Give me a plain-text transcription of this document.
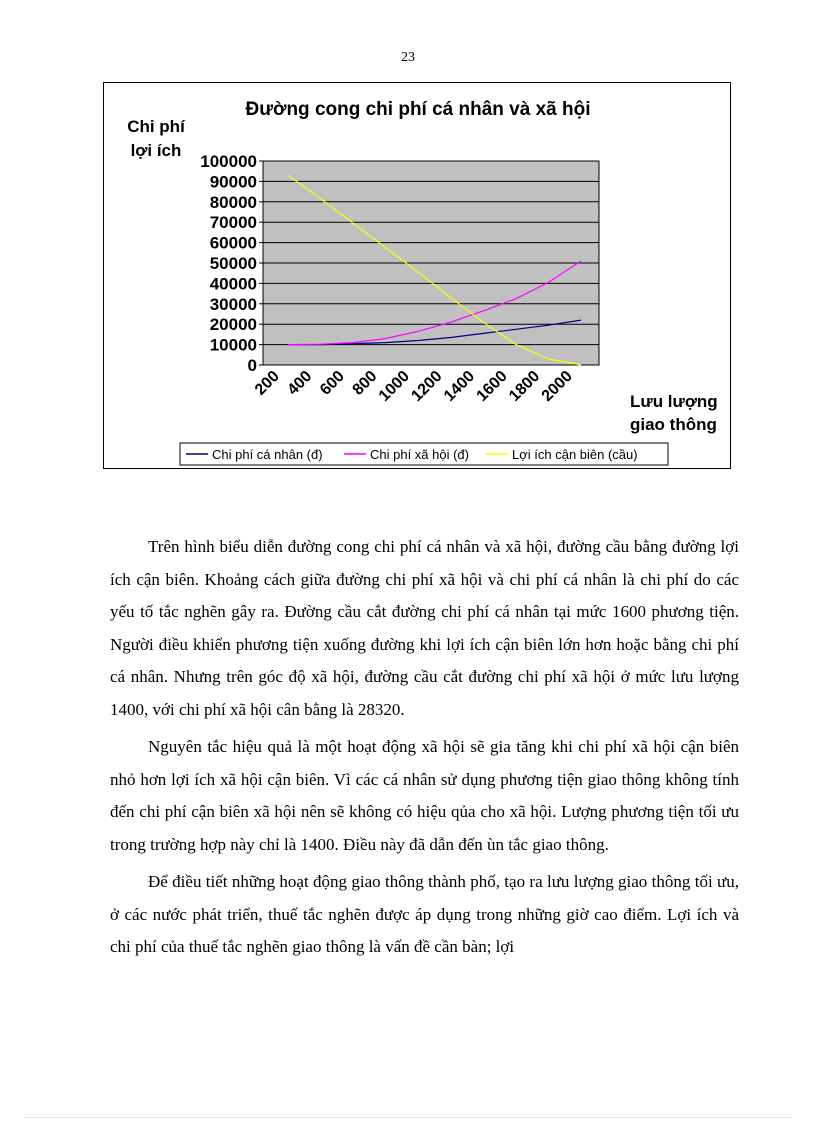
23
Đường cong chi phí cá nhân và xã hội
Chi phí
lợi ích
0
10000
20000
30000
40000
50000
60000
70000
80000
90000
100000
200 400 600 800
1000
1200
1400
1600
1800
2000	Lưu lượng
giao thông
Chi phí cá nhân (đ)	Chi phí xã hội (đ)	Lợi ích cận biên (cầu)

Trên hình biểu diễn đường cong chi phí cá nhân và xã hội, đường cầu bằng đường lợi ích cận biên. Khoảng cách giữa đường chi phí xã hội và chi phí cá nhân là chi phí do các yếu tố tắc nghẽn gây ra. Đường cầu cắt đường chi phí cá nhân tại mức 1600 phương tiện. Người điều khiển phương tiện xuống đường khi lợi ích cận biên lớn hơn hoặc bằng chi phí cá nhân. Nhưng trên góc độ xã hội, đường cầu cắt đường chi phí xã hội ở mức lưu lượng 1400, với chi phí xã hội cân bằng là 28320.

Nguyên tắc hiệu quả là một hoạt động xã hội sẽ gia tăng khi chi phí xã hội cận biên nhỏ hơn lợi ích xã hội cận biên. Vì các cá nhân sử dụng phương tiện giao thông không tính đến chi phí cận biên xã hội nên sẽ không có hiệu qủa cho xã hội. Lượng phương tiện tối ưu trong trường hợp này chỉ là 1400. Điều này đã dẫn đến ùn tắc giao thông.

Để điều tiết những hoạt động giao thông thành phố, tạo ra lưu lượng giao thông tối ưu, ở các nước phát triển, thuế tắc nghẽn được áp dụng trong những giờ cao điểm. Lợi ích và chi phí của thuế tắc nghẽn giao thông là vấn đề cần bàn; lợi
